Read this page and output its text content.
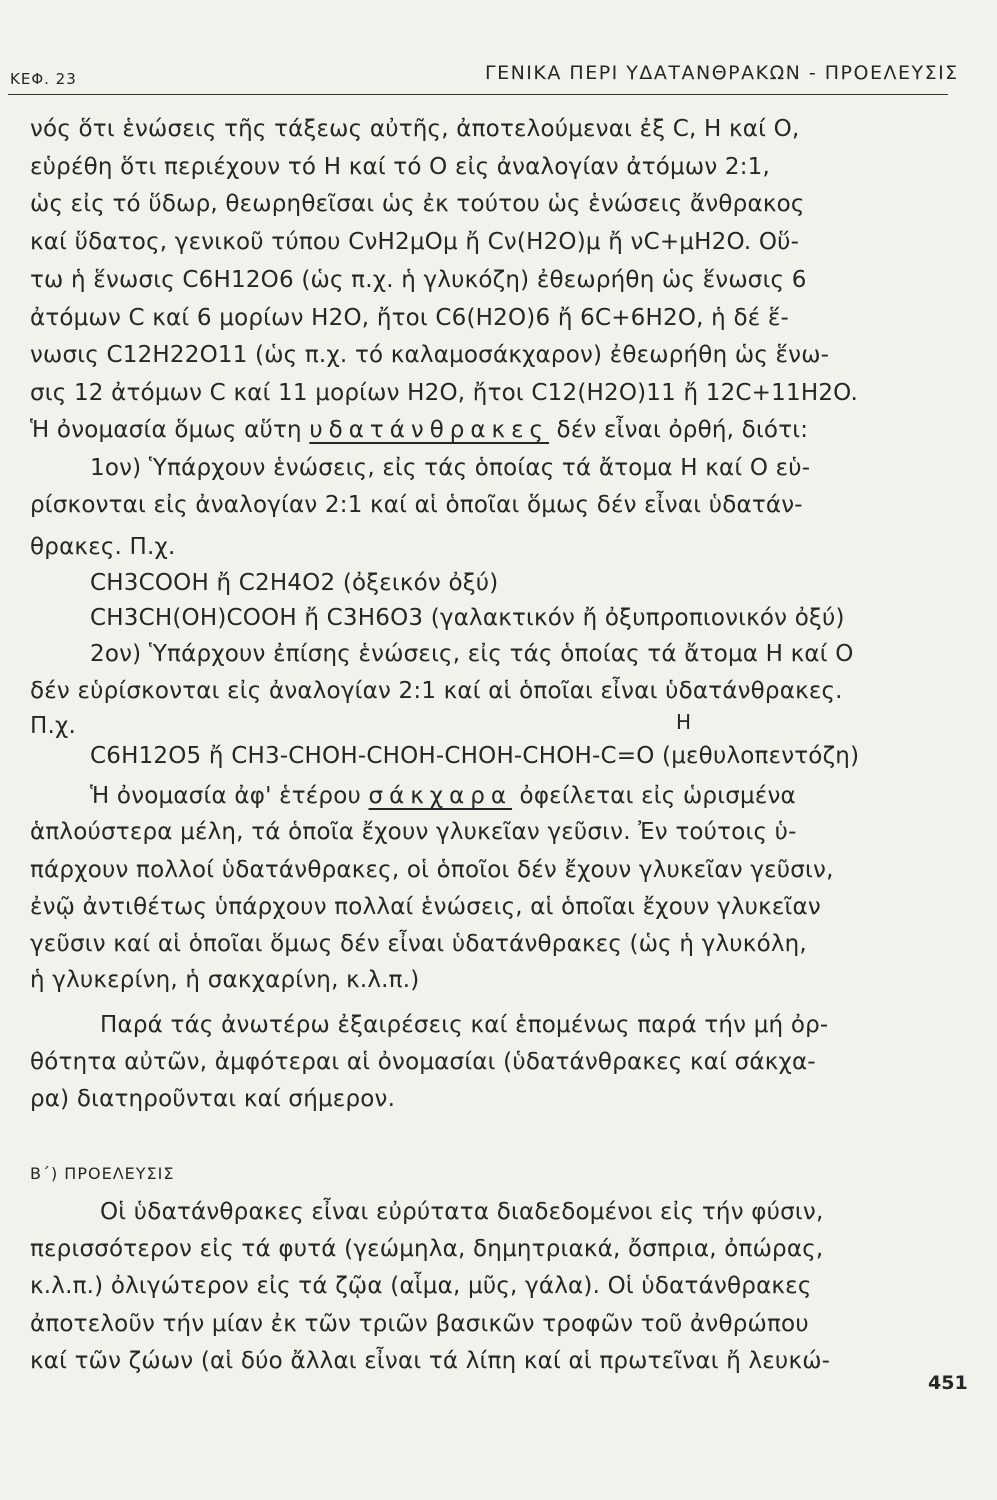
ΚΕΦ. 23	ΓΕΝΙΚΑ ΠΕΡΙ ΥΔΑΤΑΝΘΡΑΚΩΝ - ΠΡΟΕΛΕΥΣΙΣ
νός ὅτι ἑνώσεις τῆς τάξεως αὐτῆς, ἀποτελούμεναι ἐξ C, H καί O,
εὑρέθη ὅτι περιέχουν τό H καί τό O εἰς ἀναλογίαν ἀτόμων 2:1,
ὡς εἰς τό ὕδωρ, θεωρηθεῖσαι ὡς ἐκ τούτου ὡς ἑνώσεις ἄνθρακος
καί ὕδατος, γενικοῦ τύπου CνH2μOμ ἤ Cν(H2O)μ ἤ νC+μH2O. Οὕ-
τω ἡ ἕνωσις C6H12O6 (ὡς π.χ. ἡ γλυκόζη) ἐθεωρήθη ὡς ἕνωσις 6
ἀτόμων C καί 6 μορίων H2O, ἤτοι C6(H2O)6 ἤ 6C+6H2O, ἡ δέ ἕ-
νωσις C12H22O11 (ὡς π.χ. τό καλαμοσάκχαρον) ἐθεωρήθη ὡς ἕνω-
σις 12 ἀτόμων C καί 11 μορίων H2O, ἤτοι C12(H2O)11 ἤ 12C+11H2O.
Ἡ ὀνομασία ὅμως αὕτη υδατάνθρακες δέν εἶναι ὀρθή, διότι:
1ον) Ὑπάρχουν ἑνώσεις, εἰς τάς ὁποίας τά ἄτομα H καί O εὑ-
ρίσκονται εἰς ἀναλογίαν 2:1 καί αἱ ὁποῖαι ὅμως δέν εἶναι ὑδατάν-
θρακες. Π.χ.
CH3COOH ἤ C2H4O2 (ὀξεικόν ὀξύ)
CH3CH(OH)COOH ἤ C3H6O3 (γαλακτικόν ἤ ὀξυπροπιονικόν ὀξύ)
2ον) Ὑπάρχουν ἐπίσης ἑνώσεις, εἰς τάς ὁποίας τά ἄτομα H καί O
δέν εὑρίσκονται εἰς ἀναλογίαν 2:1 καί αἱ ὁποῖαι εἶναι ὑδατάνθρακες.
Π.χ.	H
C6H12O5 ἤ CH3-CHOH-CHOH-CHOH-CHOH-C=O (μεθυλοπεντόζη)
Ἡ ὀνομασία ἀφ' ἑτέρου σάκχαρα ὀφείλεται εἰς ὡρισμένα
ἁπλούστερα μέλη, τά ὁποῖα ἔχουν γλυκεῖαν γεῦσιν. Ἐν τούτοις ὑ-
πάρχουν πολλοί ὑδατάνθρακες, οἱ ὁποῖοι δέν ἔχουν γλυκεῖαν γεῦσιν,
ἐνῷ ἀντιθέτως ὑπάρχουν πολλαί ἑνώσεις, αἱ ὁποῖαι ἔχουν γλυκεῖαν
γεῦσιν καί αἱ ὁποῖαι ὅμως δέν εἶναι ὑδατάνθρακες (ὡς ἡ γλυκόλη,
ἡ γλυκερίνη, ἡ σακχαρίνη, κ.λ.π.)
Παρά τάς ἀνωτέρω ἐξαιρέσεις καί ἑπομένως παρά τήν μή ὀρ-
θότητα αὐτῶν, ἀμφότεραι αἱ ὀνομασίαι (ὑδατάνθρακες καί σάκχα-
ρα) διατηροῦνται καί σήμερον.
Β΄) ΠΡΟΕΛΕΥΣΙΣ
Οἱ ὑδατάνθρακες εἶναι εὐρύτατα διαδεδομένοι εἰς τήν φύσιν,
περισσότερον εἰς τά φυτά (γεώμηλα, δημητριακά, ὄσπρια, ὀπώρας,
κ.λ.π.) ὀλιγώτερον εἰς τά ζῷα (αἷμα, μῦς, γάλα). Οἱ ὑδατάνθρακες
ἀποτελοῦν τήν μίαν ἐκ τῶν τριῶν βασικῶν τροφῶν τοῦ ἀνθρώπου
καί τῶν ζώων (αἱ δύο ἄλλαι εἶναι τά λίπη καί αἱ πρωτεῖναι ἤ λευκώ-
451
